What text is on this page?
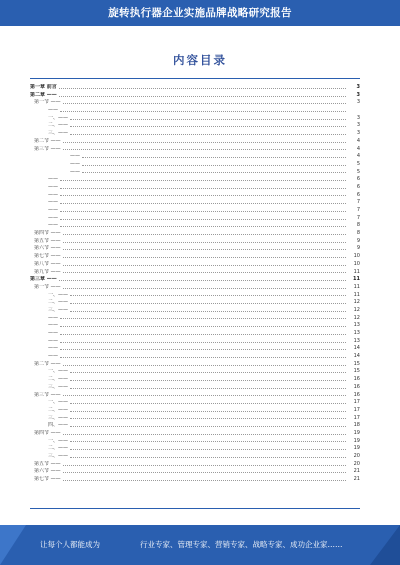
旋转执行器企业实施品牌战略研究报告
内容目录
第一章 前言	3
第二章 ——	3
第一节 ——	3
——
一、——	3
二、——	3
三、——	3
第二节 ——	4
第三节 ——	4
——	4
——	5
——	5
——	6
——	6
——	6
——	7
——	7
——	7
——	8
第四节 ——	8
第五节 ——	9
第六节 ——	9
第七节 ——	10
第八节 ——	10
第九节 ——	11
第三章 ——	11
第一节 ——	11
一、——	11
二、——	12
三、——	12
——	12
——	13
——	13
——	13
——	14
——	14
第二节 ——	15
一、——	15
二、——	16
三、——	16
第三节 ——	16
一、——	17
二、——	17
三、——	17
四、——	18
第四节 ——	19
一、——	19
二、——	19
三、——	20
第五节 ——	20
第六节 ——	21
第七节 ——	21
让每个人都能成为	行业专家、管理专家、营销专家、战略专家、成功企业家……
